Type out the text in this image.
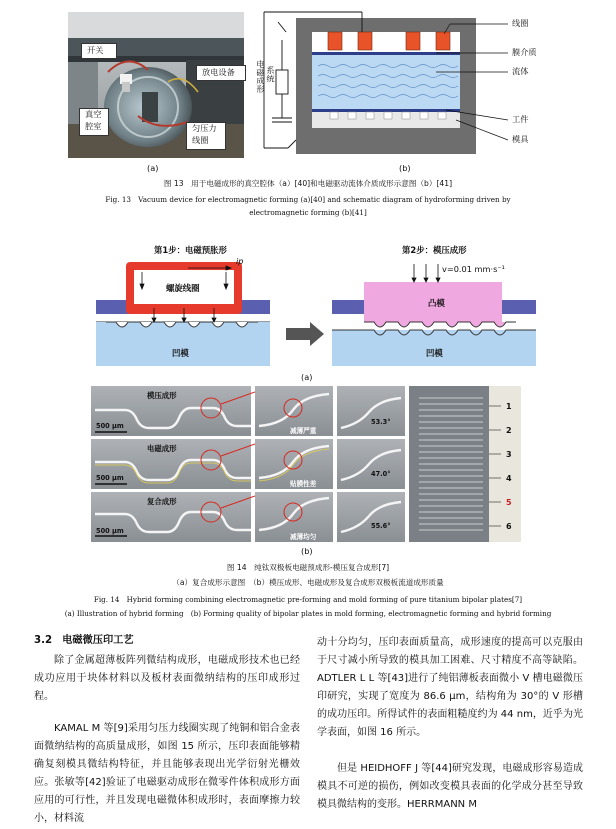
开关
放电设备
真空
腔室	匀压力
线圈
(a)
电磁成形
线圈
膜介质
流体
工件
模具
系统
(b)
图 13　用于电磁成形的真空腔体（a）[40]和电磁驱动流体介质成形示意图（b）[41]
Fig. 13　Vacuum device for electromagnetic forming (a)[40] and schematic diagram of hydroforming driven by
electromagnetic forming (b)[41]
第1步：电磁预胀形	第2步：模压成形
ip
螺旋线圈
v=0.01 mm·s⁻¹
凸模
凹模	凹模
(a)
模压成形
电磁成形
复合成形
500 μm
500 μm
500 μm
减薄严重
贴膜性差
减薄均匀
53.3°
47.0°
55.6°
1
2
3
4
5
6
(b)
图 14　纯钛双极板电磁预成形-模压复合成形[7]
（a）复合成形示意图　（b）模压成形、电磁成形及复合成形双极板流道成形质量
Fig. 14　Hybrid forming combining electromagnetic pre-forming and mold forming of pure titanium bipolar plates[7]
(a) Illustration of hybrid forming　(b) Forming quality of bipolar plates in mold forming, electromagnetic forming and hybrid forming
3.2　电磁微压印工艺
除了金属超薄板阵列微结构成形，电磁成形技术也已经成功应用于块体材料以及板材表面微纳结构的压印成形过程。
KAMAL M 等[9]采用匀压力线圈实现了纯铜和铝合金表面微纳结构的高质量成形，如图 15 所示，压印表面能够精确复刻模具微结构特征，并且能够表现出光学衍射光栅效应。张敏等[42]验证了电磁驱动成形在微零件体积成形方面应用的可行性，并且发现电磁微体积成形时，表面摩擦力较小，材料流
动十分均匀，压印表面质量高，成形速度的提高可以克服由于尺寸减小所导致的模具加工困难、尺寸精度不高等缺陷。ADTLER L L 等[43]进行了纯铝薄板表面微小 V 槽电磁微压印研究，实现了宽度为 86.6 μm，结构角为 30°的 V 形槽的成功压印。所得试件的表面粗糙度约为 44 nm，近乎为光学表面，如图 16 所示。
但是 HEIDHOFF J 等[44]研究发现，电磁成形容易造成模具不可逆的损伤，例如改变模具表面的化学成分甚至导致模具微结构的变形。HERRMANN M
